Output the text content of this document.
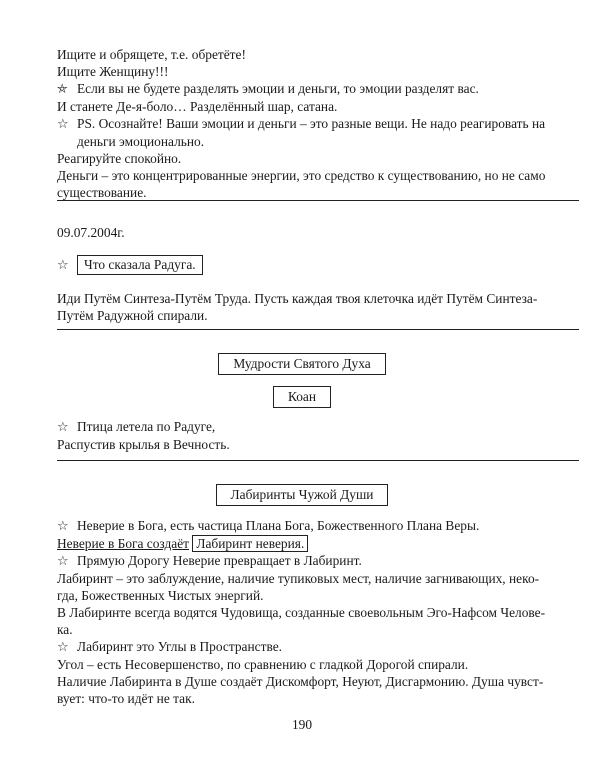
Ищите и обрящете, т.е. обретёте!
Ищите Женщину!!!
⛤ Если вы не будете разделять эмоции и деньги, то эмоции разделят вас.
И станете Де-я-боло… Разделённый шар, сатана.
☆ PS. Осознайте! Ваши эмоции и деньги – это разные вещи. Не надо реагировать на
деньги эмоционально.
Реагируйте спокойно.
Деньги – это концентрированные энергии, это средство к существованию, но не само
существование.
09.07.2004г.
☆ Что сказала Радуга.
Иди Путём Синтеза-Путём Труда. Пусть каждая твоя клеточка идёт Путём Синтеза-
Путём Радужной спирали.
Мудрости Святого Духа
Коан
☆ Птица летела по Радуге,
Распустив крылья в Вечность.
Лабиринты Чужой Души
☆ Неверие в Бога, есть частица Плана Бога, Божественного Плана Веры.
Неверие в Бога создаёт Лабиринт неверия.
☆ Прямую Дорогу Неверие превращает в Лабиринт.
Лабиринт – это заблуждение, наличие тупиковых мест, наличие загнивающих, неко-
гда, Божественных Чистых энергий.
В Лабиринте всегда водятся Чудовища, созданные своевольным Эго-Нафсом Челове-
ка.
☆ Лабиринт это Углы в Пространстве.
Угол – есть Несовершенство, по сравнению с гладкой Дорогой спирали.
Наличие Лабиринта в Душе создаёт Дискомфорт, Неуют, Дисгармонию. Душа чувст-
вует: что-то идёт не так.
190
